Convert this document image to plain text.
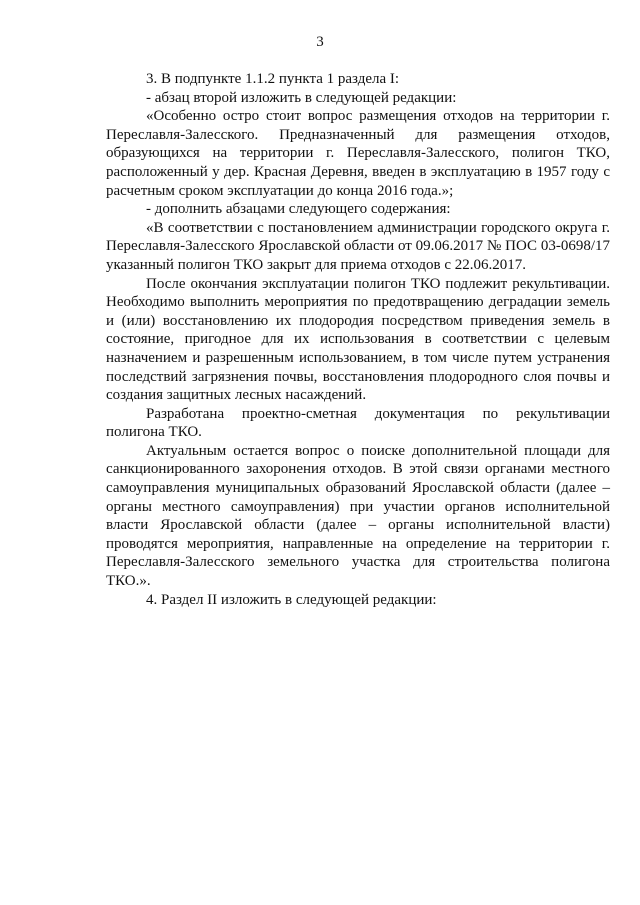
3

3. В подпункте 1.1.2 пункта 1 раздела I:

- абзац второй изложить в следующей редакции:

«Особенно остро стоит вопрос размещения отходов на территории г. Переславля-Залесского. Предназначенный для размещения отходов, образующихся на территории г. Переславля-Залесского, полигон ТКО, расположенный у дер. Красная Деревня, введен в эксплуатацию в 1957 году с расчетным сроком эксплуатации до конца 2016 года.»;

- дополнить абзацами следующего содержания:

«В соответствии с постановлением администрации городского округа г. Переславля-Залесского Ярославской области от 09.06.2017 № ПОС 03-0698/17 указанный полигон ТКО закрыт для приема отходов с 22.06.2017.

После окончания эксплуатации полигон ТКО подлежит рекультивации. Необходимо выполнить мероприятия по предотвращению деградации земель и (или) восстановлению их плодородия посредством приведения земель в состояние, пригодное для их использования в соответствии с целевым назначением и разрешенным использованием, в том числе путем устранения последствий загрязнения почвы, восстановления плодородного слоя почвы и создания защитных лесных насаждений.

Разработана проектно-сметная документация по рекультивации полигона ТКО.

Актуальным остается вопрос о поиске дополнительной площади для санкционированного захоронения отходов. В этой связи органами местного самоуправления муниципальных образований Ярославской области (далее – органы местного самоуправления) при участии органов исполнительной власти Ярославской области (далее – органы исполнительной власти) проводятся мероприятия, направленные на определение на территории г. Переславля-Залесского земельного участка для строительства полигона ТКО.».

4. Раздел II изложить в следующей редакции:
